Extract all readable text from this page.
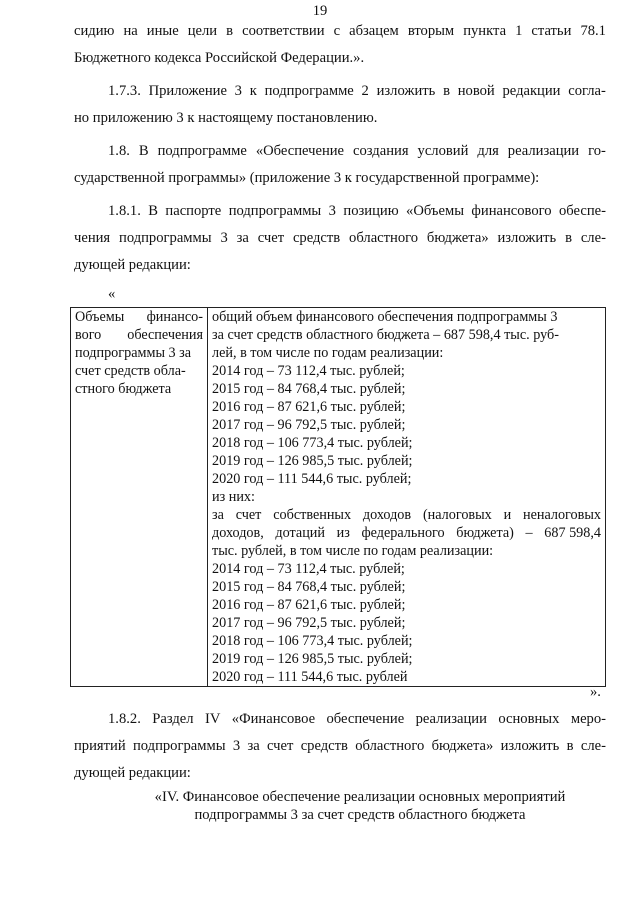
19
сидию на иные цели в соответствии с абзацем вторым пункта 1 статьи 78.1
Бюджетного кодекса Российской Федерации.».
1.7.3. Приложение 3 к подпрограмме 2 изложить в новой редакции согла-
но приложению 3 к настоящему постановлению.
1.8. В подпрограмме «Обеспечение создания условий для реализации го-
сударственной программы» (приложение 3 к государственной программе):
1.8.1. В паспорте подпрограммы 3 позицию «Объемы финансового обеспе-
чения подпрограммы 3 за счет средств областного бюджета» изложить в сле-
дующей редакции:
«
Объемы финансо-
вого обеспечения
подпрограммы 3 за
счет средств обла-
стного бюджета

общий объем финансового обеспечения подпрограммы 3
за счет средств областного бюджета – 687 598,4 тыс. руб-
лей, в том числе по годам реализации:
2014 год – 73 112,4 тыс. рублей;
2015 год – 84 768,4 тыс. рублей;
2016 год – 87 621,6 тыс. рублей;
2017 год – 96 792,5 тыс. рублей;
2018 год – 106 773,4 тыс. рублей;
2019 год – 126 985,5 тыс. рублей;
2020 год – 111 544,6 тыс. рублей;
из них:
за счет собственных доходов (налоговых и неналоговых
доходов, дотаций из федерального бюджета) – 687 598,4
тыс. рублей, в том числе по годам реализации:
2014 год – 73 112,4 тыс. рублей;
2015 год – 84 768,4 тыс. рублей;
2016 год – 87 621,6 тыс. рублей;
2017 год – 96 792,5 тыс. рублей;
2018 год – 106 773,4 тыс. рублей;
2019 год – 126 985,5 тыс. рублей;
2020 год – 111 544,6 тыс. рублей
».
1.8.2. Раздел IV «Финансовое обеспечение реализации основных меро-
приятий подпрограммы 3 за счет средств областного бюджета» изложить в сле-
дующей редакции:
«IV. Финансовое обеспечение реализации основных мероприятий
подпрограммы 3 за счет средств областного бюджета
